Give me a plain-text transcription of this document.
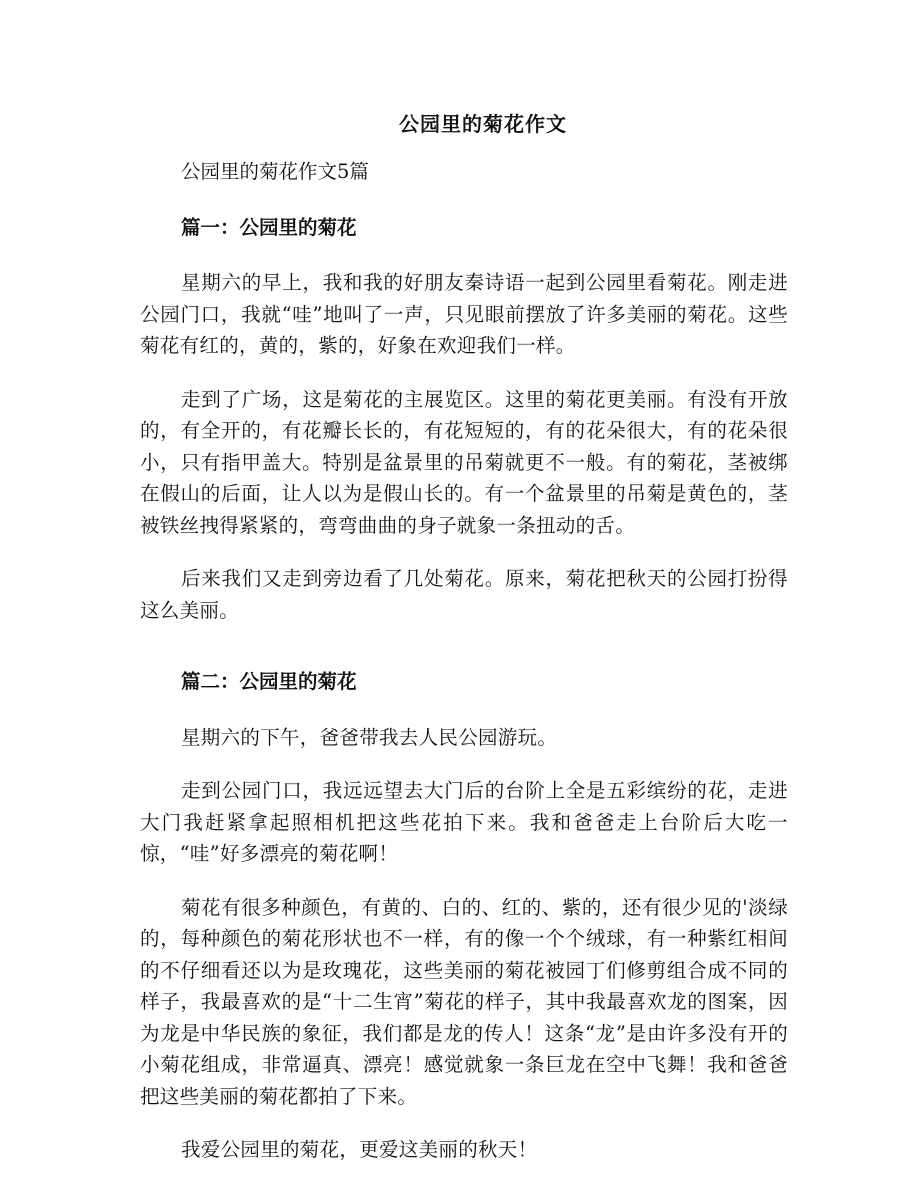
公园里的菊花作文

公园里的菊花作文5篇

篇一：公园里的菊花

星期六的早上，我和我的好朋友秦诗语一起到公园里看菊花。刚走进公园门口，我就“哇”地叫了一声，只见眼前摆放了许多美丽的菊花。这些菊花有红的，黄的，紫的，好象在欢迎我们一样。

走到了广场，这是菊花的主展览区。这里的菊花更美丽。有没有开放的，有全开的，有花瓣长长的，有花短短的，有的花朵很大，有的花朵很小，只有指甲盖大。特别是盆景里的吊菊就更不一般。有的菊花，茎被绑在假山的后面，让人以为是假山长的。有一个盆景里的吊菊是黄色的，茎被铁丝拽得紧紧的，弯弯曲曲的身子就象一条扭动的舌。

后来我们又走到旁边看了几处菊花。原来，菊花把秋天的公园打扮得这么美丽。

篇二：公园里的菊花

星期六的下午，爸爸带我去人民公园游玩。

走到公园门口，我远远望去大门后的台阶上全是五彩缤纷的花，走进大门我赶紧拿起照相机把这些花拍下来。我和爸爸走上台阶后大吃一惊，“哇”好多漂亮的菊花啊！

菊花有很多种颜色，有黄的、白的、红的、紫的，还有很少见的'淡绿的，每种颜色的菊花形状也不一样，有的像一个个绒球，有一种紫红相间的不仔细看还以为是玫瑰花，这些美丽的菊花被园丁们修剪组合成不同的样子，我最喜欢的是“十二生宵”菊花的样子，其中我最喜欢龙的图案，因为龙是中华民族的象征，我们都是龙的传人！这条“龙”是由许多没有开的小菊花组成，非常逼真、漂亮！感觉就象一条巨龙在空中飞舞！我和爸爸把这些美丽的菊花都拍了下来。

我爱公园里的菊花，更爱这美丽的秋天！
